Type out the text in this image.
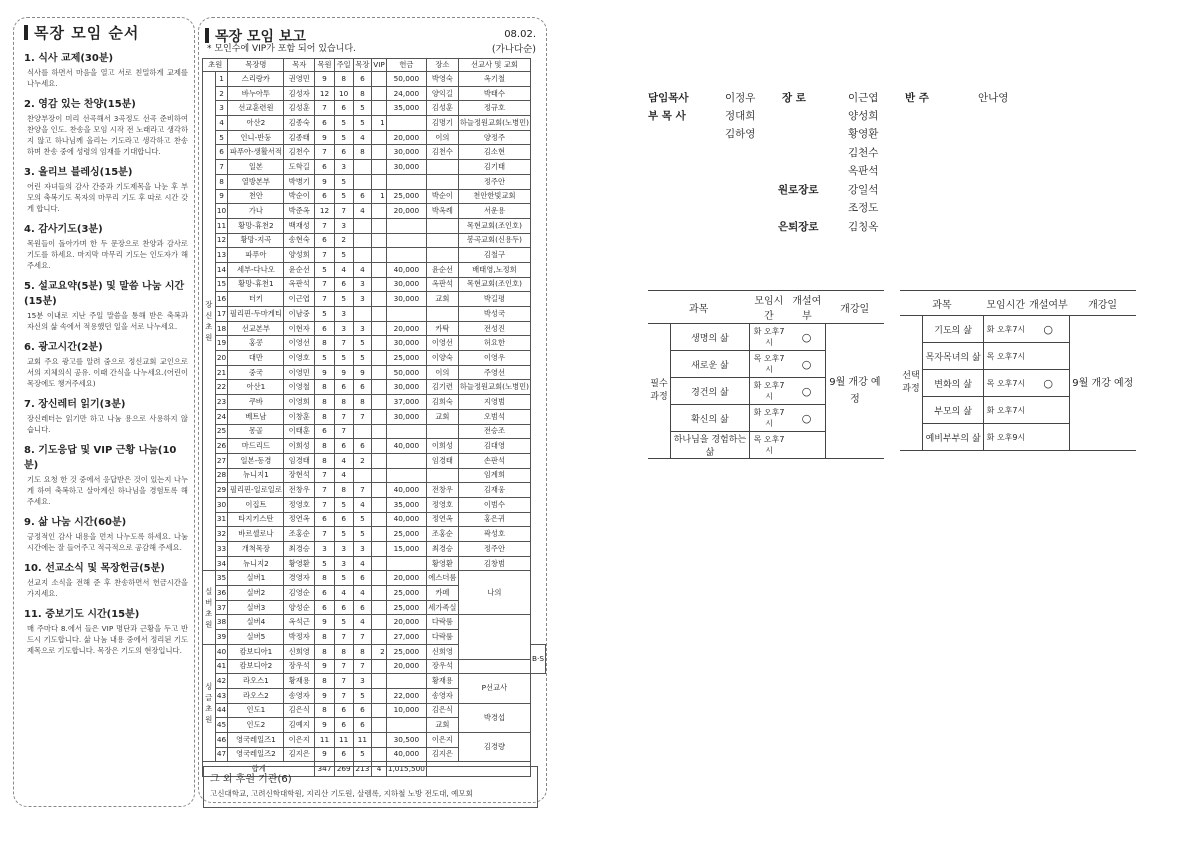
목장 모임 순서
1. 식사 교제(30분)

식사를 하면서 마음을 열고 서로 친밀하게 교제를 나누세요.

2. 영감 있는 찬양(15분)

찬양부장이 미리 선곡해서 3곡정도 선곡 준비하여 찬양을 인도. 찬송을 모임 시작 전 노래라고 생각하지 않고 하나님께 올리는 기도라고 생각하고 찬송하며 찬송 중에 성령의 임재를 기대합니다.

3. 올리브 블레싱(15분)

어린 자녀들의 감사 간증과 기도제목을 나눈 후 부모의 축복기도 목자의 마무리 기도 후 따로 시간 갖게 합니다.

4. 감사기도(3분)

목원들이 돌아가며 한 두 문장으로 찬양과 감사로 기도를 하세요. 마지막 마무리 기도는 인도자가 해주세요.

5. 설교요약(5분) 및 말씀 나눔 시간(15분)

15분 이내로 지난 주일 말씀을 통해 받은 축복과 자신의 삶 속에서 적용했던 일을 서로 나누세요.

6. 광고시간(2분)

교회 주요 광고를 알려 줌으로 정신교회 교인으로서의 지체의식 공유. 이때 간식을 나누세요.(어린이 목장에도 챙겨주세요)

7. 장신레터 읽기(3분)

장신레터는 읽기만 하고 나눔 용으로 사용하지 않습니다.

8. 기도응답 및 VIP 근황 나눔(10분)

기도 요청 한 것 중에서 응답받은 것이 있는지 나누게 하여 축복하고 살아계신 하나님을 경험토록 해주세요.

9. 삶 나눔 시간(60분)

긍정적인 감사 내용을 먼저 나누도록 하세요. 나눔 시간에는 잘 들어주고 적극적으로 공감해 주세요.

10. 선교소식 및 목장헌금(5분)

선교지 소식을 전해 준 후 찬송하면서 헌금시간을 가지세요.

11. 중보기도 시간(15분)

매 주마다 8.에서 들은 VIP 명단과 근황을 두고 반드시 기도합니다. 삶 나눔 내용 중에서 정리된 기도제목으로 기도합니다. 목장은 기도의 현장입니다.

목장 모임 보고	08.02.
* 모인수에 VIP가 포함 되어 있습니다.	(가나다순)
초원		목장명	목자	목원	주일	목장	VIP	헌금	장소	선교사 및 교회	
장신초원	1	스리랑카	권영민	9	8	6		50,000	박영숙	옥기철	
	2	바누아투	김성자	12	10	8		24,000	양익길	박태수	
	3	선교훈련원	김성훈	7	6	5		35,000	김성훈	정규호	
	4	아산2	김종숙	6	5	5	1		김명기	하늘정원교회(노병민)	
	5	인니-반둥	김종태	9	5	4		20,000	이의	양정주	
	6	파푸아-생활서적	김천수	7	6	8		30,000	김천수	김소현	
	7	일본	도학길	6	3			30,000		김기태	
	8	열방본부	박병기	9	5					정주안	
	9	천안	박순이	6	5	6	1	25,000	박순이	천안한빛교회	
	10	가나	박준옥	12	7	4		20,000	박옥례	서운용	
	11	황망-휴천2	백재성	7	3					목현교회(조인호)	
	12	황망-지곡	송현숙	6	2					봉곡교회(신용두)	
	13	파푸아	양성희	7	5					김철구	
	14	세부-다나오	윤순선	5	4	4		40,000	윤순선	배태영,노정희	
	15	황망-휴천1	옥판석	7	6	3		30,000	옥판석	목현교회(조인호)	
	16	터키	이근엽	7	5	3		30,000	교회	박길평	
	17	필리핀-두마게티	이남중	5	3					박성국	
	18	선교본부	이현자	6	3	3		20,000	카탁	전성진	
	19	홍콩	이영선	8	7	5		30,000	이영선	허요한	
	20	대만	이영호	5	5	5		25,000	이양숙	이영우	
	21	중국	이영민	9	9	9		50,000	이의	주영선	
	22	아산1	이영철	8	6	6		30,000	김기련	하늘정원교회(노병민)	
	23	쿠바	이영희	8	8	8		37,000	김희숙	지영범	
	24	베트남	이창훈	8	7	7		30,000	교회	오범석	
	25	몽골	이태훈	6	7					전승조	
	26	마드리드	이희성	8	6	6		40,000	이희성	김대영	
	27	일본-동경	임경태	8	4	2			임경태	손판석	
	28	뉴니지1	장현석	7	4					임계희	
	29	필리핀-일로일로	전창우	7	8	7		40,000	전창우	김재웅	
	30	이집트	정영호	7	5	4		35,000	정영호	이범수	
	31	타지키스탄	정연옥	6	6	5		40,000	정연옥	홍은귀	
	32	바르셀로나	조홍순	7	5	5		25,000	조홍순	곽성호	
	33	개척목장	최경승	3	3	3		15,000	최경승	정주안	
	34	뉴니지2	황영환	5	3	4			황영환	김창범	
실버초원	35	실버1	경영자	8	5	6		20,000	에스더룸	나의	
	36	실버2	김영순	6	4	4		25,000	카페		
	37	실버3	양성순	6	6	6		25,000	세가족실		
	38	실버4	옥석근	9	5	4		20,000	다락룸		
	39	실버5	박정자	8	7	7		27,000	다락룸		
싱글초원	40	캄보디아1	신희영	8	8	8	2	25,000	신희영		B·S
	41	캄보디아2	장우석	9	7	7		20,000	장우석		
	42	라오스1	황재용	8	7	3			황재용	P선교사	
	43	라오스2	송영자	9	7	5		22,000	송영자		
	44	인도1	김은식	8	6	6		10,000	김은식	박경섭	
	45	인도2	김예지	9	6	6			교회		
	46	영국레일즈1	이은지	11	11	11		30,500	이은지	김경량	
	47	영국레일즈2	김지은	9	6	5		40,000	김지은		
합계				347	269	213	4	1,015,500			
그 외 후원 기관(6)
고신대학교, 고려신학대학원, 지리산 기도원, 살렘록, 지하철 노방 전도대, 예모회
담임목사	이정우
부 목 사	정대희
김하영
장 로	이근엽
양성희
황영환
김천수
옥판석
반 주	안나영
원로장로	강일석
조정도
은퇴장로	김칭옥
과목		모임시간	개설여부	개강일
필수과정	생명의 삶	화 오후7시	○	9월 개강 예정
	새로운 삶	목 오후7시	○	
	경건의 삶	화 오후7시	○	
	확신의 삶	화 오후7시	○	
	하나님을 경험하는 삶	목 오후7시		
과목		모임시간	개설여부	개강일
선택과정	기도의 삶	화 오후7시	○	9월 개강 예정
	목자목녀의 삶	목 오후7시		
	변화의 삶	목 오후7시	○	
	부모의 삶	화 오후7시		
	예비부부의 삶	화 오후9시		
